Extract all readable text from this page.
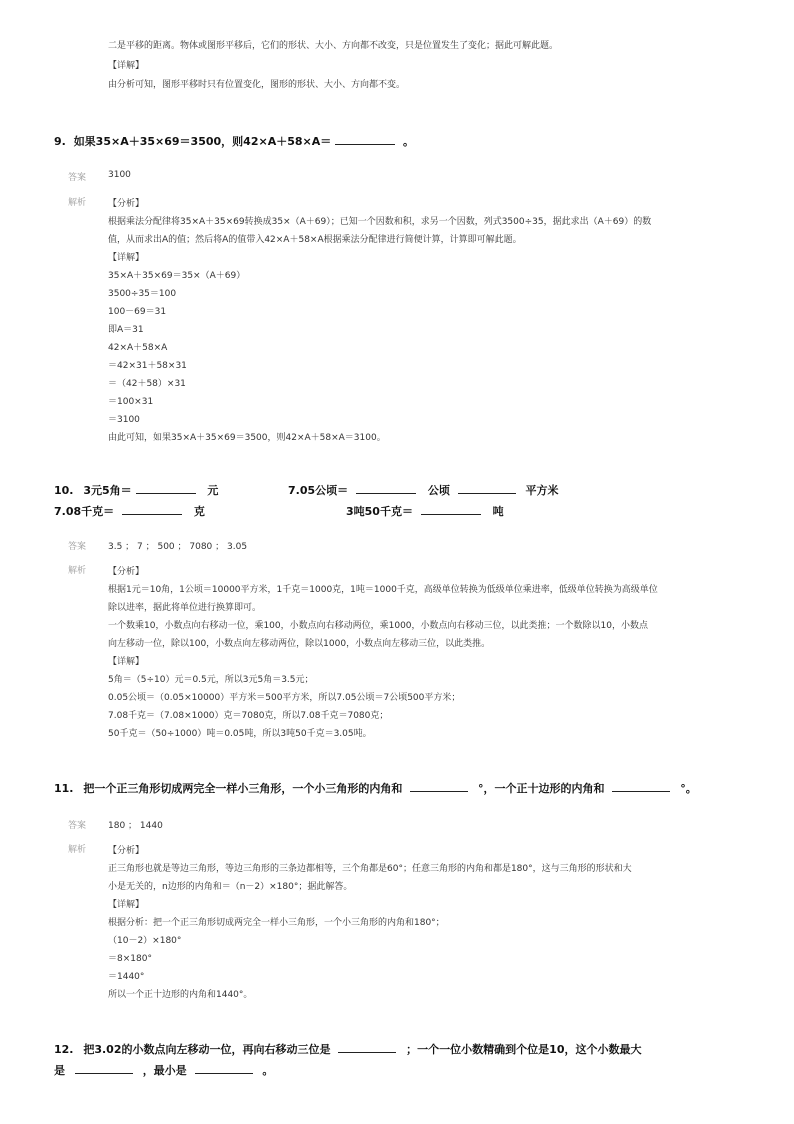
二是平移的距离。物体或图形平移后，它们的形状、大小、方向都不改变，只是位置发生了变化；据此可解此题。
【详解】
由分析可知，图形平移时只有位置变化，图形的形状、大小、方向都不变。
9. 如果35×A＋35×69＝3500，则42×A＋58×A＝	。
答案 3100
解析 【分析】
根据乘法分配律将35×A＋35×69转换成35×（A＋69）；已知一个因数和积，求另一个因数，列式3500÷35，据此求出（A＋69）的数
值，从而求出A的值；然后将A的值带入42×A＋58×A根据乘法分配律进行简便计算，计算即可解此题。
【详解】
35×A＋35×69＝35×（A＋69）
3500÷35＝100
100－69＝31
即A＝31
42×A＋58×A
＝42×31＋58×31
＝（42＋58）×31
＝100×31
＝3100
由此可知，如果35×A＋35×69＝3500，则42×A＋58×A＝3100。
10. 3元5角＝	元	7.05公顷＝	公顷	平方米
7.08千克＝	克	3吨50千克＝	吨
答案 3.5 ； 7 ； 500 ； 7080 ； 3.05
解析 【分析】
根据1元＝10角，1公顷＝10000平方米，1千克＝1000克，1吨＝1000千克，高级单位转换为低级单位乘进率，低级单位转换为高级单位
除以进率，据此将单位进行换算即可。
一个数乘10，小数点向右移动一位，乘100，小数点向右移动两位，乘1000，小数点向右移动三位，以此类推；一个数除以10，小数点
向左移动一位，除以100，小数点向左移动两位，除以1000，小数点向左移动三位，以此类推。
【详解】
5角＝（5÷10）元＝0.5元，所以3元5角＝3.5元；
0.05公顷＝（0.05×10000）平方米＝500平方米，所以7.05公顷＝7公顷500平方米；
7.08千克＝（7.08×1000）克＝7080克，所以7.08千克＝7080克；
50千克＝（50÷1000）吨＝0.05吨，所以3吨50千克＝3.05吨。
11. 把一个正三角形切成两完全一样小三角形，一个小三角形的内角和	°，一个正十边形的内角和	°。
答案 180 ； 1440
解析 【分析】
正三角形也就是等边三角形，等边三角形的三条边都相等，三个角都是60°；任意三角形的内角和都是180°，这与三角形的形状和大
小是无关的，n边形的内角和＝（n－2）×180°；据此解答。
【详解】
根据分析：把一个正三角形切成两完全一样小三角形，一个小三角形的内角和180°；
（10－2）×180°
＝8×180°
＝1440°
所以一个正十边形的内角和1440°。
12. 把3.02的小数点向左移动一位，再向右移动三位是	；一个一位小数精确到个位是10，这个小数最大
是	，最小是	。
